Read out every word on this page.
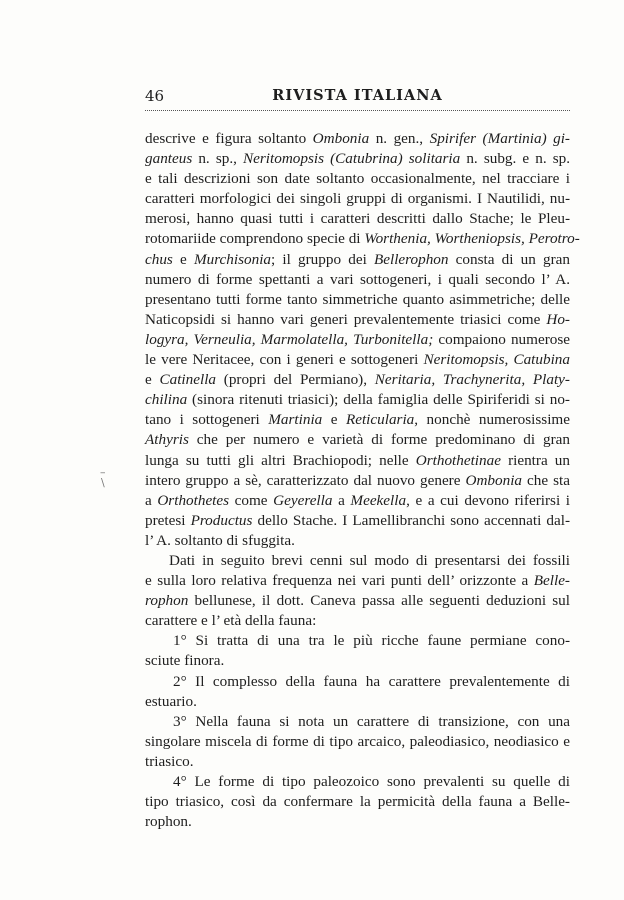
46	RIVISTA ITALIANA
–
\
descrive e figura soltanto Ombonia n. gen., Spirifer (Martinia) gi-
ganteus n. sp., Neritomopsis (Catubrina) solitaria n. subg. e n. sp.
e tali descrizioni son date soltanto occasionalmente, nel tracciare i
caratteri morfologici dei singoli gruppi di organismi. I Nautilidi, nu-
merosi, hanno quasi tutti i caratteri descritti dallo Stache; le Pleu-
rotomariide comprendono specie di Worthenia, Wortheniopsis, Perotro-
chus e Murchisonia; il gruppo dei Bellerophon consta di un gran
numero di forme spettanti a vari sottogeneri, i quali secondo l’ A.
presentano tutti forme tanto simmetriche quanto asimmetriche; delle
Naticopsidi si hanno vari generi prevalentemente triasici come Ho-
logyra, Verneulia, Marmolatella, Turbonitella; compaiono numerose
le vere Neritacee, con i generi e sottogeneri Neritomopsis, Catubina
e Catinella (propri del Permiano), Neritaria, Trachynerita, Platy-
chilina (sinora ritenuti triasici); della famiglia delle Spiriferidi si no-
tano i sottogeneri Martinia e Reticularia, nonchè numerosissime
Athyris che per numero e varietà di forme predominano di gran
lunga su tutti gli altri Brachiopodi; nelle Orthothetinae rientra un
intero gruppo a sè, caratterizzato dal nuovo genere Ombonia che sta
a Orthothetes come Geyerella a Meekella, e a cui devono riferirsi i
pretesi Productus dello Stache. I Lamellibranchi sono accennati dal-
l’ A. soltanto di sfuggita.
Dati in seguito brevi cenni sul modo di presentarsi dei fossili
e sulla loro relativa frequenza nei vari punti dell’ orizzonte a Belle-
rophon bellunese, il dott. Caneva passa alle seguenti deduzioni sul
carattere e l’ età della fauna:
1° Si tratta di una tra le più ricche faune permiane cono-
sciute finora.
2° Il complesso della fauna ha carattere prevalentemente di
estuario.
3° Nella fauna si nota un carattere di transizione, con una
singolare miscela di forme di tipo arcaico, paleodiasico, neodiasico e
triasico.
4° Le forme di tipo paleozoico sono prevalenti su quelle di
tipo triasico, così da confermare la permicità della fauna a Belle-
rophon.
